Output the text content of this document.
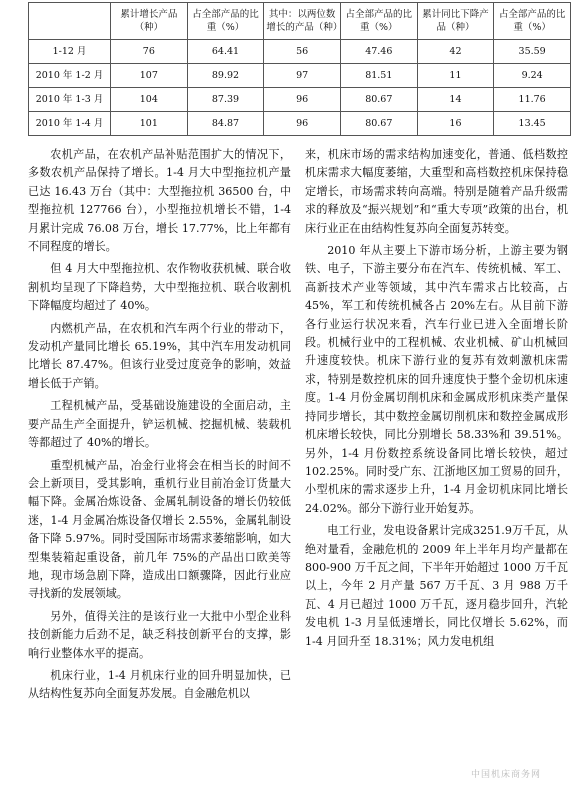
	累计增长产品（种）	占全部产品的比重（%）	其中：以两位数增长的产品（种）	占全部产品的比重（%）	累计同比下降产品（种）	占全部产品的比重（%）
1-12 月	76	64.41	56	47.46	42	35.59
2010 年 1-2 月	107	89.92	97	81.51	11	9.24
2010 年 1-3 月	104	87.39	96	80.67	14	11.76
2010 年 1-4 月	101	84.87	96	80.67	16	13.45

农机产品，在农机产品补贴范围扩大的情况下，多数农机产品保持了增长。1-4 月大中型拖拉机产量已达 16.43 万台（其中：大型拖拉机 36500 台，中型拖拉机 127766 台），小型拖拉机增长不错，1-4 月累计完成 76.08 万台，增长 17.77%，比上年都有不同程度的增长。

但 4 月大中型拖拉机、农作物收获机械、联合收割机均呈现了下降趋势，大中型拖拉机、联合收割机下降幅度均超过了 40%。

内燃机产品，在农机和汽车两个行业的带动下，发动机产量同比增长 65.19%，其中汽车用发动机同比增长 87.47%。但该行业受过度竞争的影响，效益增长低于产销。

工程机械产品，受基础设施建设的全面启动，主要产品生产全面提升，铲运机械、挖掘机械、装载机等都超过了 40%的增长。

重型机械产品，冶金行业将会在相当长的时间不会上新项目，受其影响，重机行业目前冶金订货量大幅下降。金属冶炼设备、金属轧制设备的增长仍较低迷，1-4 月金属冶炼设备仅增长 2.55%，金属轧制设备下降 5.97%。同时受国际市场需求萎缩影响，如大型集装箱起重设备，前几年 75%的产品出口欧美等地，现市场急剧下降，造成出口额骤降，因此行业应寻找新的发展领域。

另外，值得关注的是该行业一大批中小型企业科技创新能力后劲不足，缺乏科技创新平台的支撑，影响行业整体水平的提高。

机床行业，1-4 月机床行业的回升明显加快，已从结构性复苏向全面复苏发展。自金融危机以

来，机床市场的需求结构加速变化，普通、低档数控机床需求大幅度萎缩，大重型和高档数控机床保持稳定增长，市场需求转向高端。特别是随着产品升级需求的释放及“振兴规划”和“重大专项”政策的出台，机床行业正在由结构性复苏向全面复苏转变。

2010 年从主要上下游市场分析，上游主要为钢铁、电子，下游主要分布在汽车、传统机械、军工、高新技术产业等领域，其中汽车需求占比较高，占 45%，军工和传统机械各占 20%左右。从目前下游各行业运行状况来看，汽车行业已进入全面增长阶段。机械行业中的工程机械、农业机械、矿山机械回升速度较快。机床下游行业的复苏有效刺激机床需求，特别是数控机床的回升速度快于整个金切机床速度。1-4 月份金属切削机床和金属成形机床类产量保持同步增长，其中数控金属切削机床和数控金属成形机床增长较快，同比分别增长 58.33%和 39.51%。另外，1-4 月份数控系统设备同比增长较快，超过 102.25%。同时受广东、江浙地区加工贸易的回升，小型机床的需求逐步上升，1-4 月金切机床同比增长 24.02%。部分下游行业开始复苏。

电工行业，发电设备累计完成3251.9万千瓦，从绝对量看，金融危机的 2009 年上半年月均产量都在 800-900 万千瓦之间，下半年开始超过 1000 万千瓦以上，今年 2 月产量 567 万千瓦、3 月 988 万千瓦、4 月已超过 1000 万千瓦，逐月稳步回升，汽轮发电机 1-3 月呈低速增长，同比仅增长 5.62%，而 1-4 月回升至 18.31%；风力发电机组

中国机床商务网
